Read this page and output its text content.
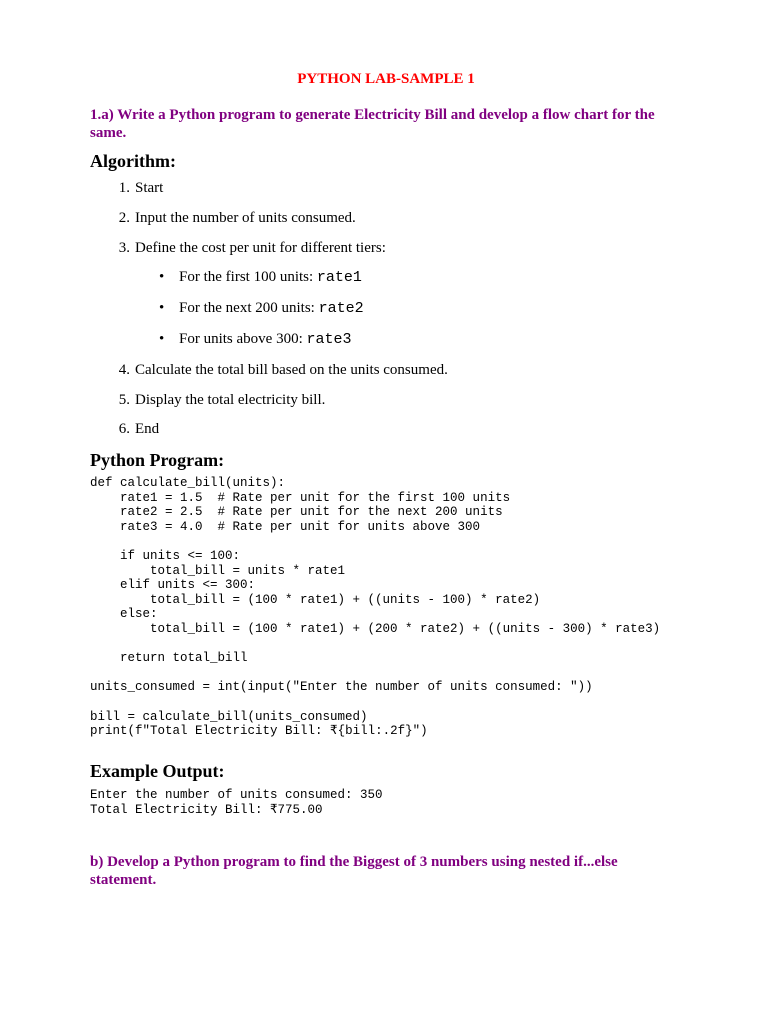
PYTHON LAB-SAMPLE 1
1.a) Write a Python program to generate Electricity Bill and develop a flow chart for the same.
Algorithm:
1. Start
2. Input the number of units consumed.
3. Define the cost per unit for different tiers:
• For the first 100 units: rate1
• For the next 200 units: rate2
• For units above 300: rate3
4. Calculate the total bill based on the units consumed.
5. Display the total electricity bill.
6. End
Python Program:
def calculate_bill(units):
rate1 = 1.5  # Rate per unit for the first 100 units
rate2 = 2.5  # Rate per unit for the next 200 units
rate3 = 4.0  # Rate per unit for units above 300

if units <= 100:
total_bill = units * rate1
elif units <= 300:
total_bill = (100 * rate1) + ((units - 100) * rate2)
else:
total_bill = (100 * rate1) + (200 * rate2) + ((units - 300) * rate3)

return total_bill

units_consumed = int(input("Enter the number of units consumed: "))

bill = calculate_bill(units_consumed)
print(f"Total Electricity Bill: ₹{bill:.2f}")
Example Output:
Enter the number of units consumed: 350
Total Electricity Bill: ₹775.00
b) Develop a Python program to find the Biggest of 3 numbers using nested if...else statement.
